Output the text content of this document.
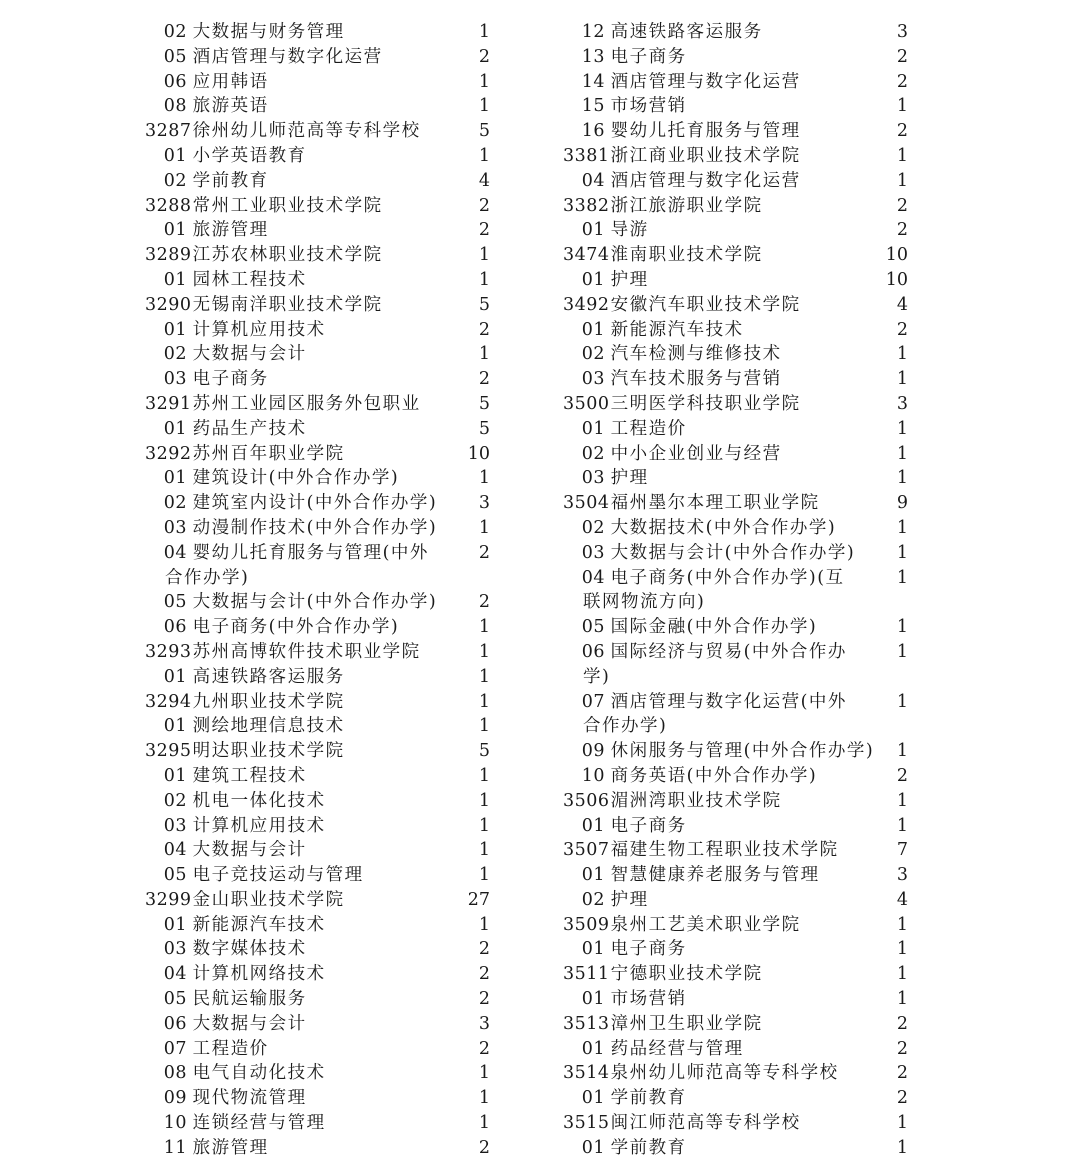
02 大数据与财务管理	1
05 酒店管理与数字化运营	2
06 应用韩语	1
08 旅游英语	1
3287 徐州幼儿师范高等专科学校	5
01 小学英语教育	1
02 学前教育	4
3288 常州工业职业技术学院	2
01 旅游管理	2
3289 江苏农林职业技术学院	1
01 园林工程技术	1
3290 无锡南洋职业技术学院	5
01 计算机应用技术	2
02 大数据与会计	1
03 电子商务	2
3291 苏州工业园区服务外包职业	5
01 药品生产技术	5
3292 苏州百年职业学院	10
01 建筑设计(中外合作办学)	1
02 建筑室内设计(中外合作办学)	3
03 动漫制作技术(中外合作办学)	1
04 婴幼儿托育服务与管理(中外	2
合作办学)
05 大数据与会计(中外合作办学)	2
06 电子商务(中外合作办学)	1
3293 苏州高博软件技术职业学院	1
01 高速铁路客运服务	1
3294 九州职业技术学院	1
01 测绘地理信息技术	1
3295 明达职业技术学院	5
01 建筑工程技术	1
02 机电一体化技术	1
03 计算机应用技术	1
04 大数据与会计	1
05 电子竞技运动与管理	1
3299 金山职业技术学院	27
01 新能源汽车技术	1
03 数字媒体技术	2
04 计算机网络技术	2
05 民航运输服务	2
06 大数据与会计	3
07 工程造价	2
08 电气自动化技术	1
09 现代物流管理	1
10 连锁经营与管理	1
11 旅游管理	2
12 高速铁路客运服务	3
13 电子商务	2
14 酒店管理与数字化运营	2
15 市场营销	1
16 婴幼儿托育服务与管理	2
3381 浙江商业职业技术学院	1
04 酒店管理与数字化运营	1
3382 浙江旅游职业学院	2
01 导游	2
3474 淮南职业技术学院	10
01 护理	10
3492 安徽汽车职业技术学院	4
01 新能源汽车技术	2
02 汽车检测与维修技术	1
03 汽车技术服务与营销	1
3500 三明医学科技职业学院	3
01 工程造价	1
02 中小企业创业与经营	1
03 护理	1
3504 福州墨尔本理工职业学院	9
02 大数据技术(中外合作办学)	1
03 大数据与会计(中外合作办学)	1
04 电子商务(中外合作办学)(互	1
联网物流方向)
05 国际金融(中外合作办学)	1
06 国际经济与贸易(中外合作办	1
学)
07 酒店管理与数字化运营(中外	1
合作办学)
09 休闲服务与管理(中外合作办学)	1
10 商务英语(中外合作办学)	2
3506 湄洲湾职业技术学院	1
01 电子商务	1
3507 福建生物工程职业技术学院	7
01 智慧健康养老服务与管理	3
02 护理	4
3509 泉州工艺美术职业学院	1
01 电子商务	1
3511 宁德职业技术学院	1
01 市场营销	1
3513 漳州卫生职业学院	2
01 药品经营与管理	2
3514 泉州幼儿师范高等专科学校	2
01 学前教育	2
3515 闽江师范高等专科学校	1
01 学前教育	1
